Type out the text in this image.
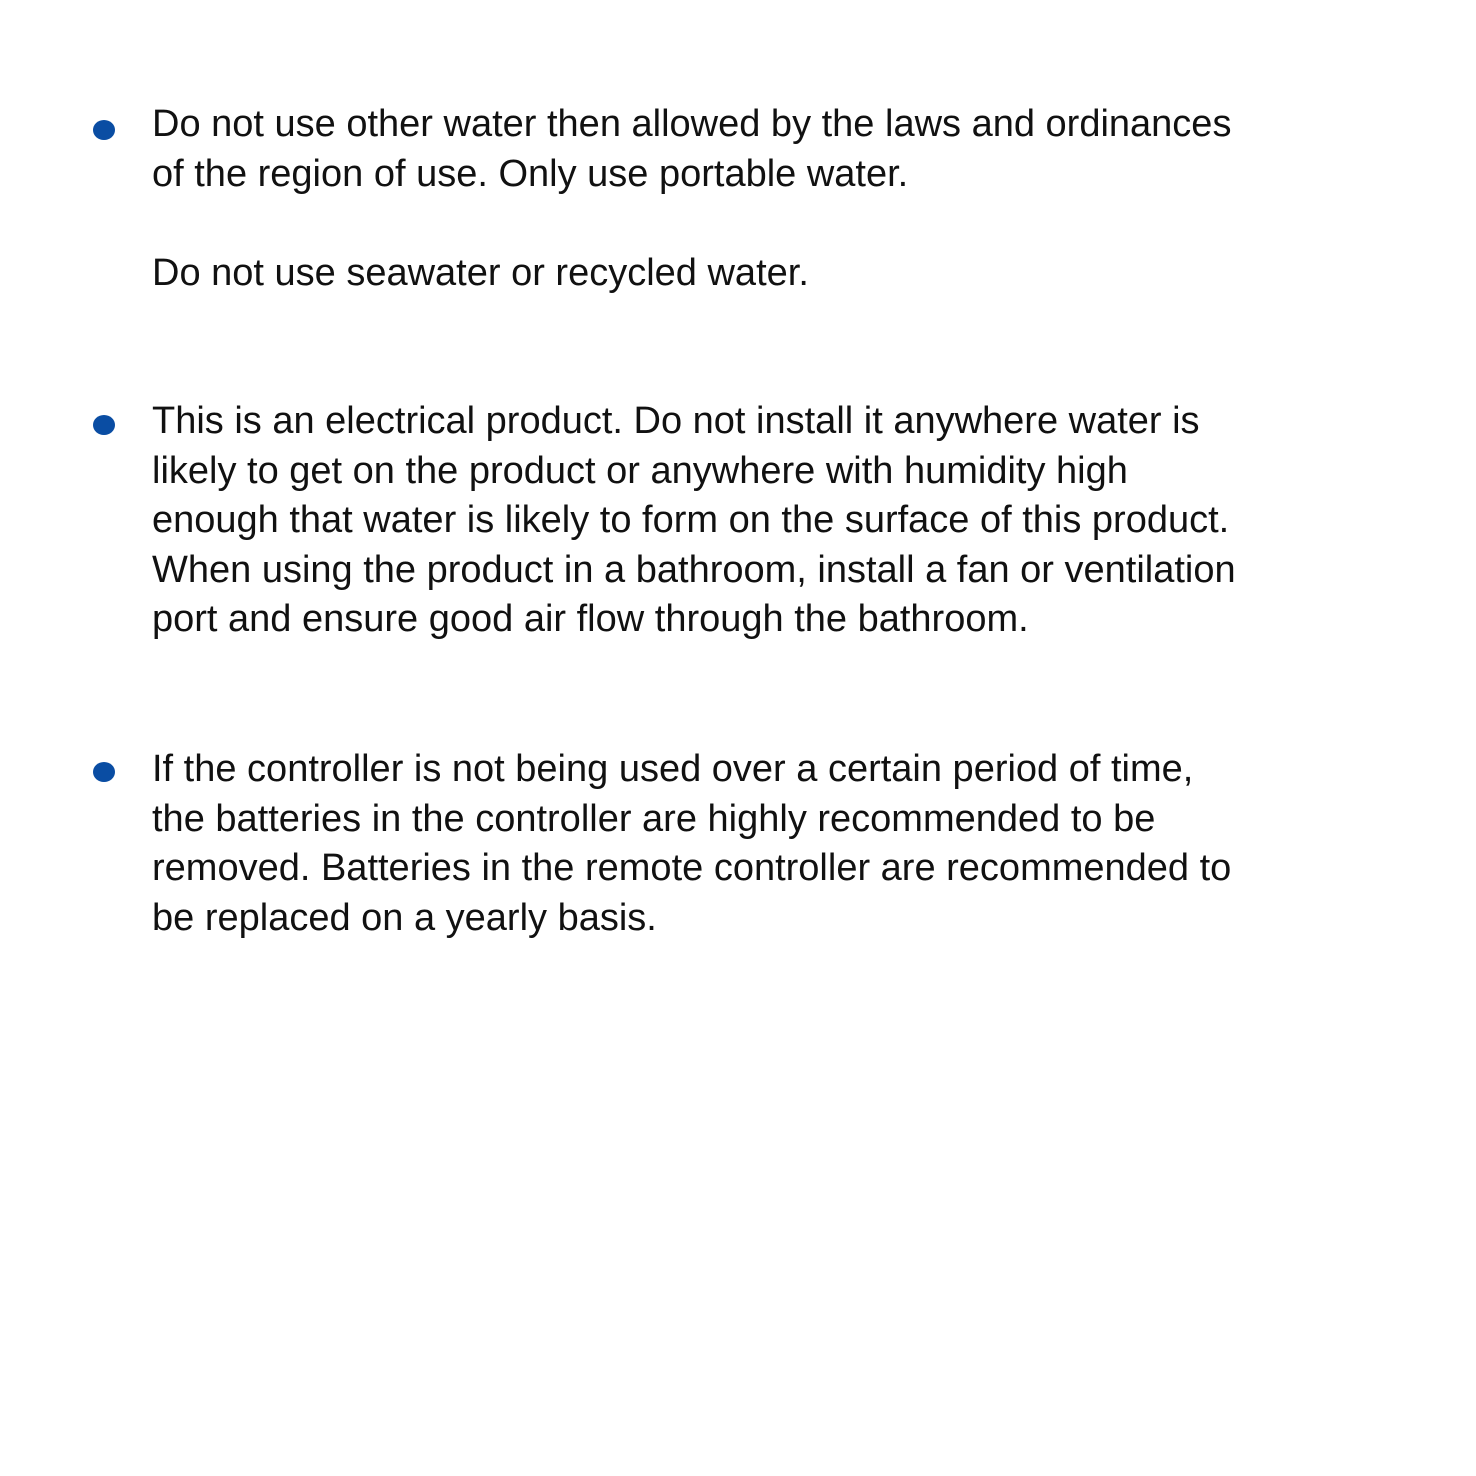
Do not use other water then allowed by the laws and ordinances
of the region of use. Only use portable water.
Do not use seawater or recycled water.
This is an electrical product. Do not install it anywhere water is
likely to get on the product or anywhere with humidity high
enough that water is likely to form on the surface of this product.
When using the product in a bathroom, install a fan or ventilation
port and ensure good air flow through the bathroom.
If the controller is not being used over a certain period of time,
the batteries in the controller are highly recommended to be
removed. Batteries in the remote controller are recommended to
be replaced on a yearly basis.
